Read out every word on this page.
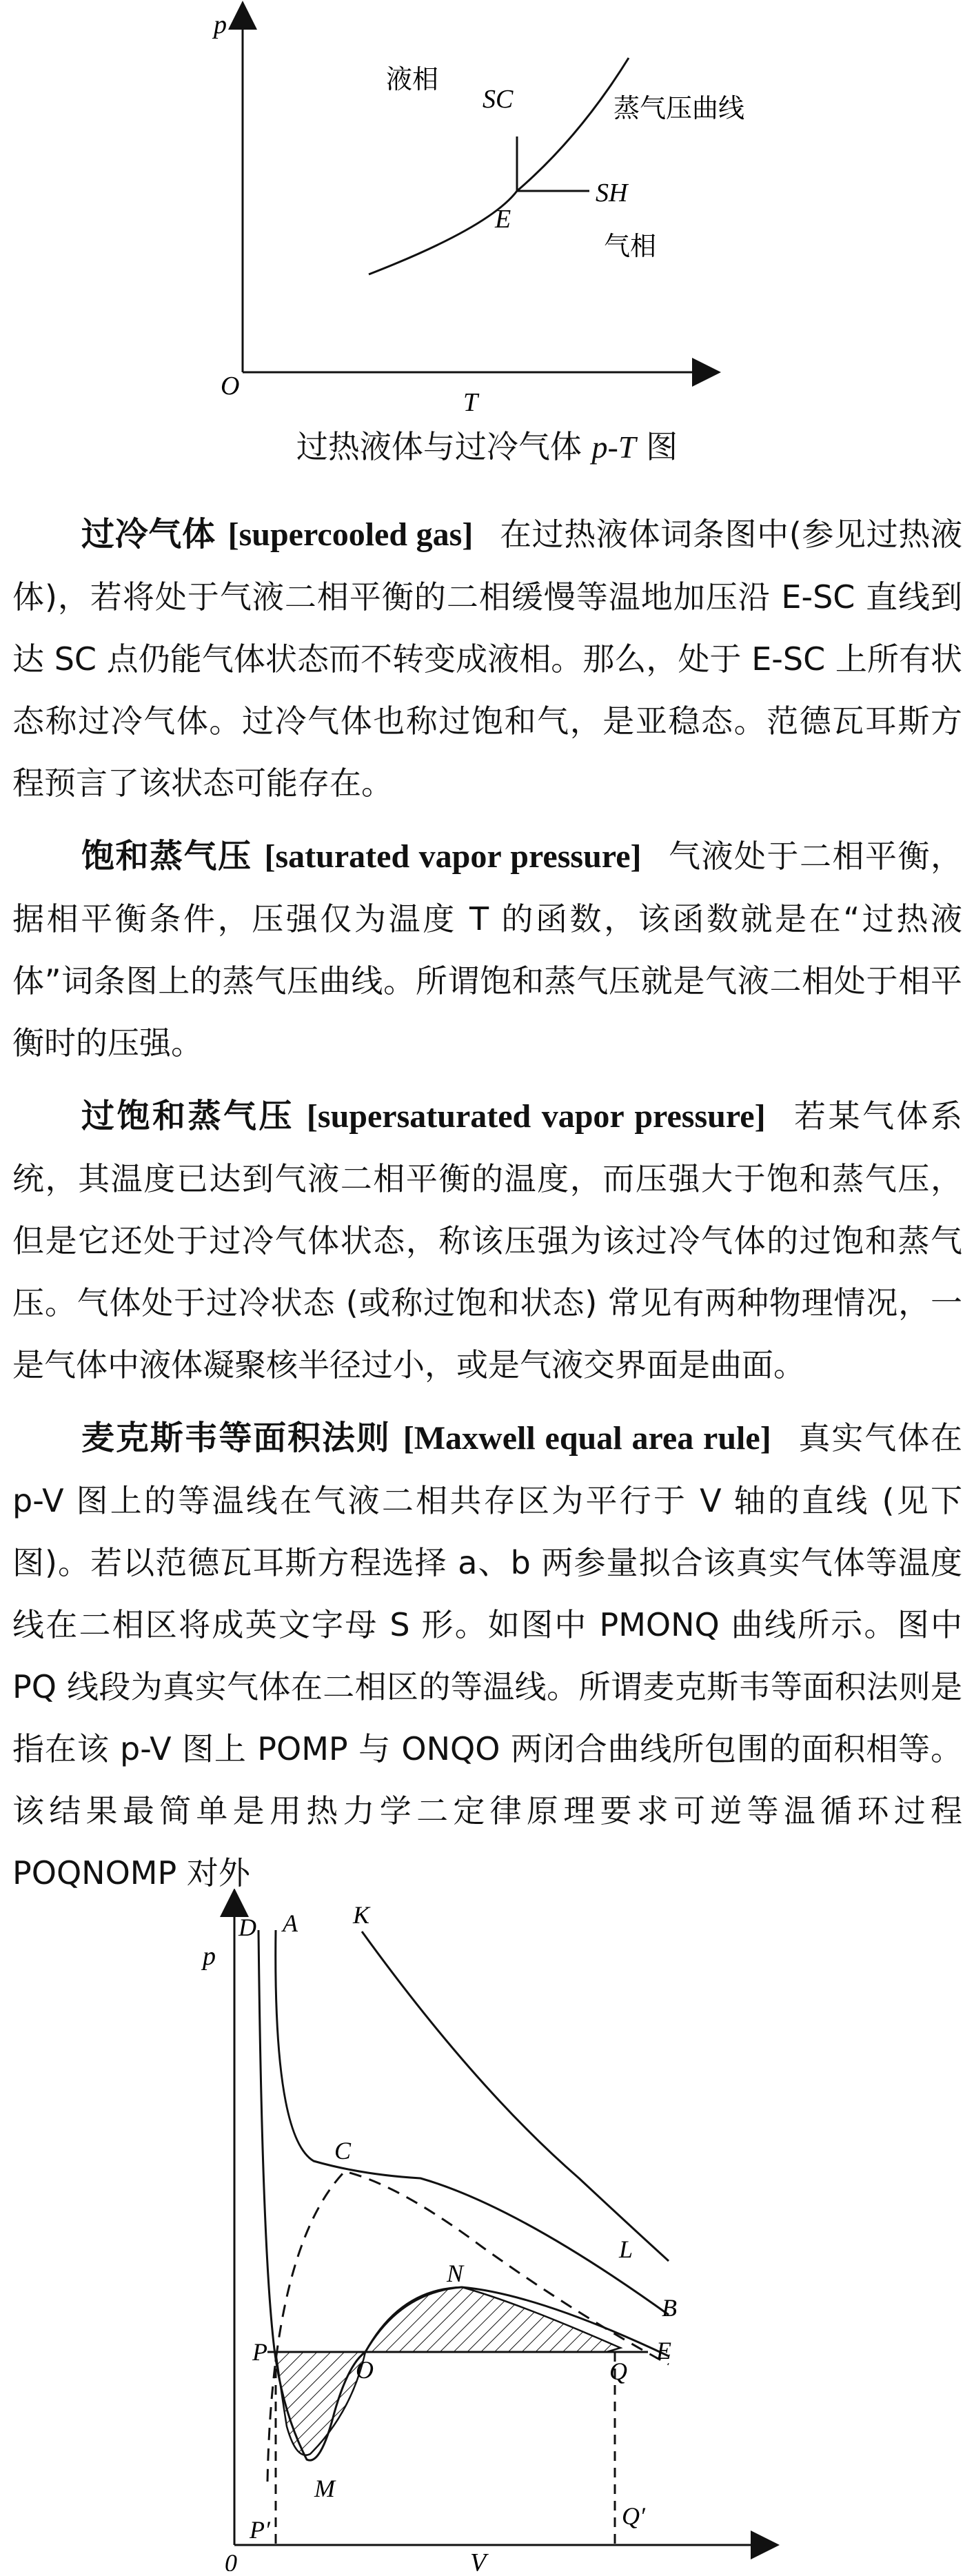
p
T
O
液相
SC	蒸气压曲线
SH
E
气相
过热液体与过冷气体 p-T 图

过冷气体 [supercooled gas] 在过热液体词条图中(参见过热液体)，若将处于气液二相平衡的二相缓慢等温地加压沿 E-SC 直线到达 SC 点仍能气体状态而不转变成液相。那么，处于 E-SC 上所有状态称过冷气体。过冷气体也称过饱和气，是亚稳态。范德瓦耳斯方程预言了该状态可能存在。

饱和蒸气压 [saturated vapor pressure] 气液处于二相平衡，据相平衡条件，压强仅为温度 T 的函数，该函数就是在“过热液体”词条图上的蒸气压曲线。所谓饱和蒸气压就是气液二相处于相平衡时的压强。

过饱和蒸气压 [supersaturated vapor pressure] 若某气体系统，其温度已达到气液二相平衡的温度，而压强大于饱和蒸气压，但是它还处于过冷气体状态，称该压强为该过冷气体的过饱和蒸气压。气体处于过冷状态 (或称过饱和状态) 常见有两种物理情况，一是气体中液体凝聚核半径过小，或是气液交界面是曲面。

麦克斯韦等面积法则 [Maxwell equal area rule] 真实气体在 p-V 图上的等温线在气液二相共存区为平行于 V 轴的直线 (见下图)。若以范德瓦耳斯方程选择 a、b 两参量拟合该真实气体等温度线在二相区将成英文字母 S 形。如图中 PMONQ 曲线所示。图中 PQ 线段为真实气体在二相区的等温线。所谓麦克斯韦等面积法则是指在该 p-V 图上 POMP 与 ONQO 两闭合曲线所包围的面积相等。该结果最简单是用热力学二定律原理要求可逆等温循环过程 POQNOMP 对外

p
V
0
D A K
C
L
N
B
P
O	Q
E
M
P′	Q′
